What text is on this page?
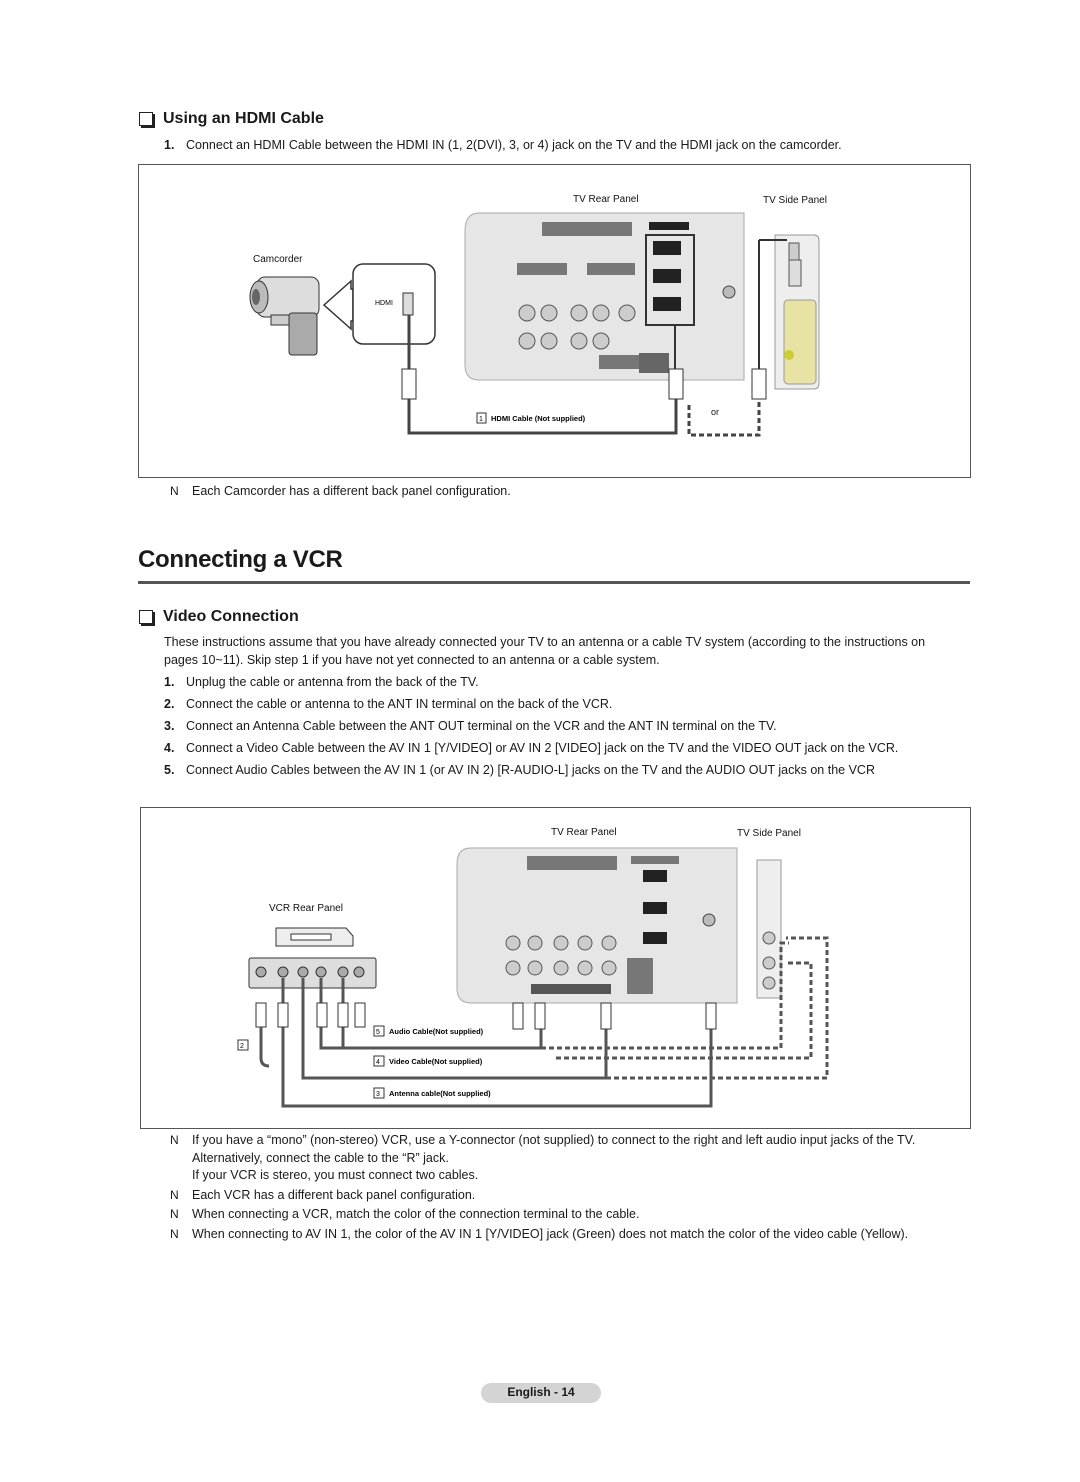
Using an HDMI Cable
1. Connect an HDMI Cable between the HDMI IN (1, 2(DVI), 3, or 4) jack on the TV and the HDMI jack on the camcorder.
TV Rear Panel	TV Side Panel
Camcorder
HDMI
or
1 HDMI Cable (Not supplied)
N Each Camcorder has a different back panel configuration.
Connecting a VCR
Video Connection
These instructions assume that you have already connected your TV to an antenna or a cable TV system (according to the instructions on pages 10~11). Skip step 1 if you have not yet connected to an antenna or a cable system.
1. Unplug the cable or antenna from the back of the TV.
2. Connect the cable or antenna to the ANT IN terminal on the back of the VCR.
3. Connect an Antenna Cable between the ANT OUT terminal on the VCR and the ANT IN terminal on the TV.
4. Connect a Video Cable between the AV IN 1 [Y/VIDEO] or AV IN 2 [VIDEO] jack on the TV and the VIDEO OUT jack on the VCR.
5. Connect Audio Cables between the AV IN 1 (or AV IN 2) [R-AUDIO-L] jacks on the TV and the AUDIO OUT jacks on the VCR
TV Rear Panel	TV Side Panel
VCR Rear Panel
2
5 Audio Cable(Not supplied)
4 Video Cable(Not supplied)
3 Antenna cable(Not supplied)
N If you have a “mono” (non-stereo) VCR, use a Y-connector (not supplied) to connect to the right and left audio input jacks of the TV. Alternatively, connect the cable to the “R” jack.
If your VCR is stereo, you must connect two cables.
N Each VCR has a different back panel configuration.
N When connecting a VCR, match the color of the connection terminal to the cable.
N When connecting to AV IN 1, the color of the AV IN 1 [Y/VIDEO] jack (Green) does not match the color of the video cable (Yellow).
English - 14
